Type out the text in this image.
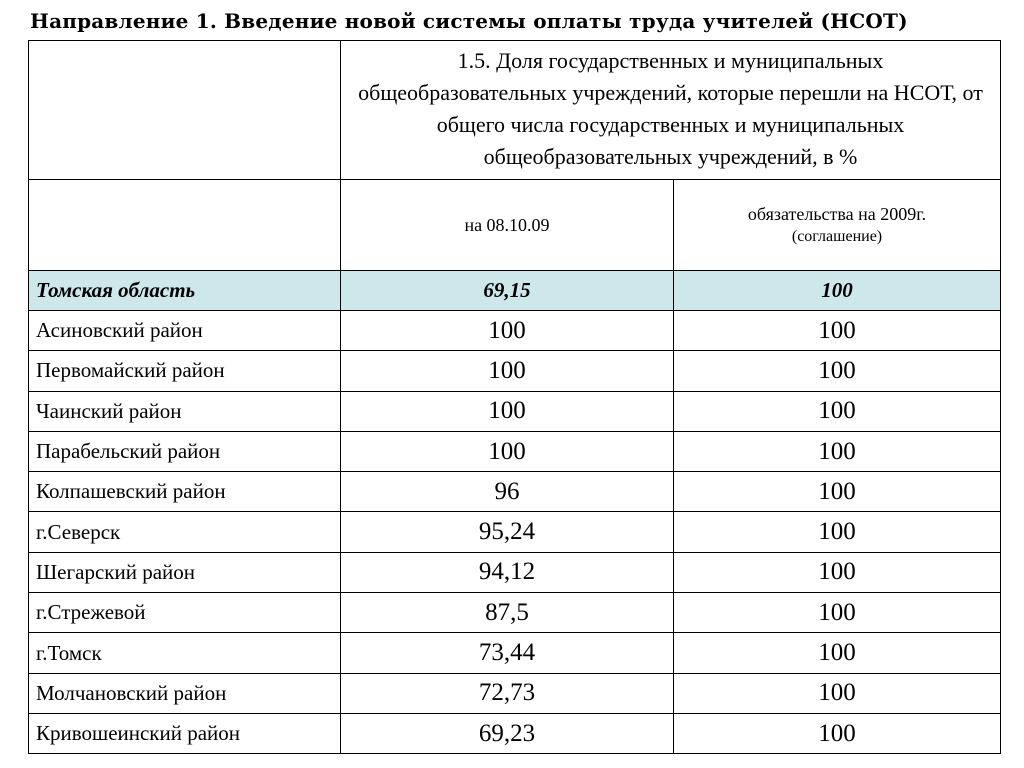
Направление 1. Введение новой системы оплаты труда учителей (НСОТ)

	1.5. Доля государственных и муниципальных общеобразовательных учреждений, которые перешли на НСОТ, от общего числа государственных и муниципальных общеобразовательных учреждений, в %	

	на 08.10.09	обязательства на 2009г.
(соглашение)

Томская область	69,15	100
Асиновский район	100	100
Первомайский район	100	100
Чаинский район	100	100
Парабельский район	100	100
Колпашевский район	96	100
г.Северск	95,24	100
Шегарский район	94,12	100
г.Стрежевой	87,5	100
г.Томск	73,44	100
Молчановский район	72,73	100
Кривошеинский район	69,23	100
